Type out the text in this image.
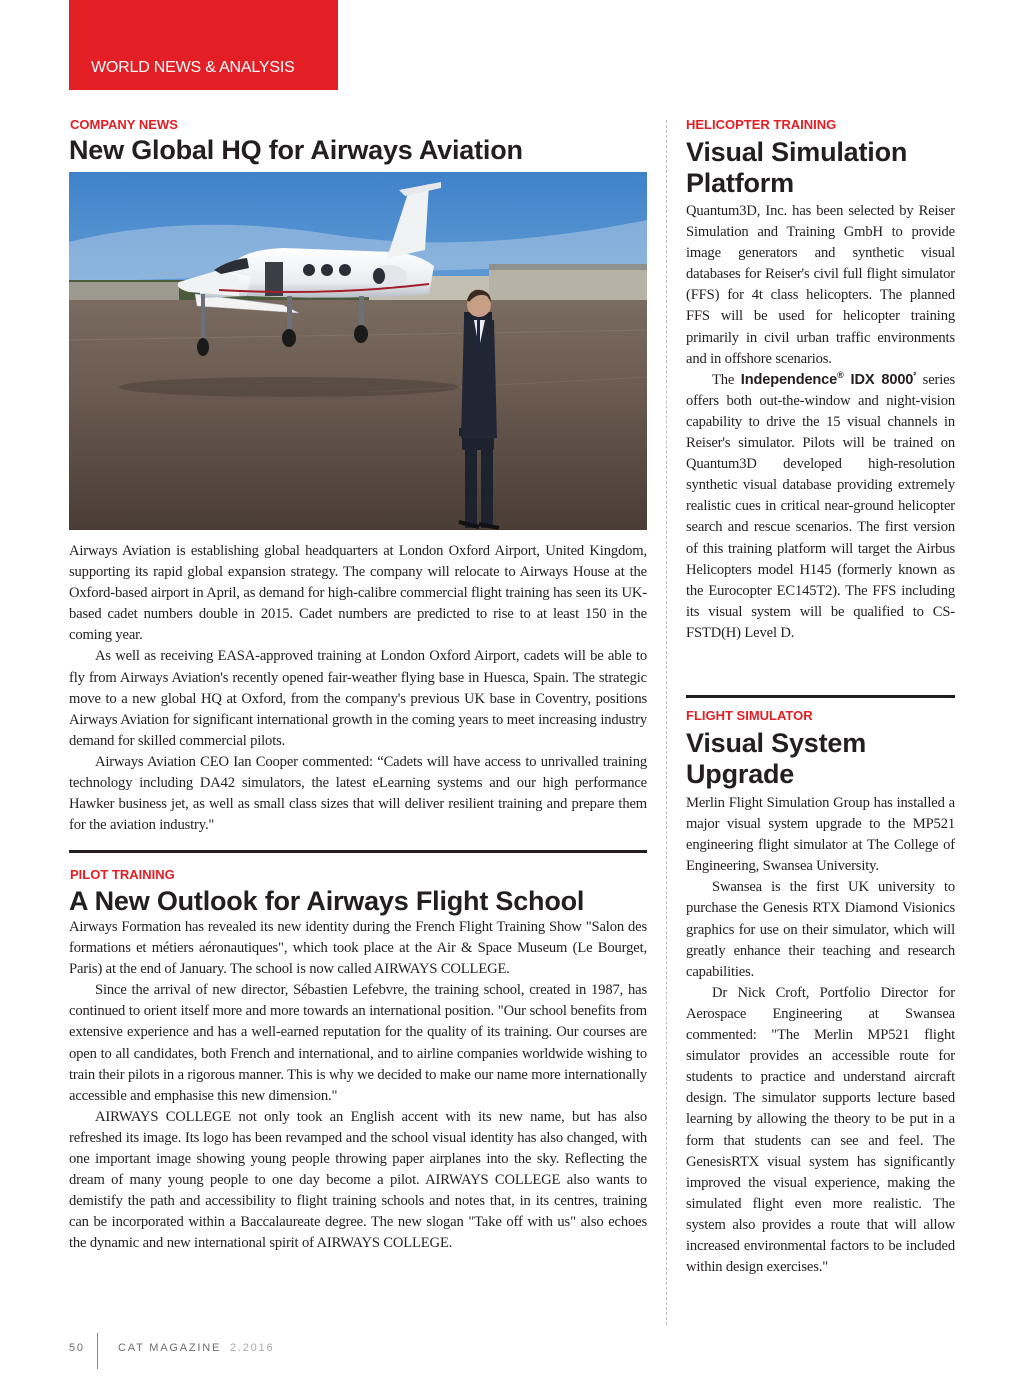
WORLD NEWS & ANALYSIS

COMPANY NEWS

New Global HQ for Airways Aviation

Airways Aviation is establishing global headquarters at London Oxford Airport, United Kingdom, supporting its rapid global expansion strategy. The company will relocate to Airways House at the Oxford-based airport in April, as demand for high-calibre commercial flight training has seen its UK-based cadet numbers double in 2015. Cadet numbers are predicted to rise to at least 150 in the coming year.

As well as receiving EASA-approved training at London Oxford Airport, cadets will be able to fly from Airways Aviation's recently opened fair-weather flying base in Huesca, Spain. The strategic move to a new global HQ at Oxford, from the company's previous UK base in Coventry, positions Airways Aviation for significant international growth in the coming years to meet increasing industry demand for skilled commercial pilots.

Airways Aviation CEO Ian Cooper commented: “Cadets will have access to unrivalled training technology including DA42 simulators, the latest eLearning systems and our high performance Hawker business jet, as well as small class sizes that will deliver resilient training and prepare them for the aviation industry."

PILOT TRAINING

A New Outlook for Airways Flight School

Airways Formation has revealed its new identity during the French Flight Training Show "Salon des formations et métiers aéronautiques", which took place at the Air & Space Museum (Le Bourget, Paris) at the end of January. The school is now called AIRWAYS COLLEGE.

Since the arrival of new director, Sébastien Lefebvre, the training school, created in 1987, has continued to orient itself more and more towards an international position. "Our school benefits from extensive experience and has a well-earned reputation for the quality of its training. Our courses are open to all candidates, both French and international, and to airline companies worldwide wishing to train their pilots in a rigorous manner. This is why we decided to make our name more internationally accessible and emphasise this new dimension."

AIRWAYS COLLEGE not only took an English accent with its new name, but has also refreshed its image. Its logo has been revamped and the school visual identity has also changed, with one important image showing young people throwing paper airplanes into the sky. Reflecting the dream of many young people to one day become a pilot. AIRWAYS COLLEGE also wants to demistify the path and accessibility to flight training schools and notes that, in its centres, training can be incorporated within a Baccalaureate degree. The new slogan "Take off with us" also echoes the dynamic and new international spirit of AIRWAYS COLLEGE.

HELICOPTER TRAINING

Visual Simulation
Platform

Quantum3D, Inc. has been selected by Reiser Simulation and Training GmbH to provide image generators and synthetic visual databases for Reiser's civil full flight simulator (FFS) for 4t class helicopters. The planned FFS will be used for helicopter training primarily in civil urban traffic environments and in offshore scenarios.

The Independence® IDX $8000^{^2}$ series offers both out-the-window and night-vision capability to drive the 15 visual channels in Reiser's simulator. Pilots will be trained on Quantum3D developed high-resolution synthetic visual database providing extremely realistic cues in critical near-ground helicopter search and rescue scenarios. The first version of this training platform will target the Airbus Helicopters model H145 (formerly known as the Eurocopter EC145T2). The FFS including its visual system will be qualified to CS-FSTD(H) Level D.

FLIGHT SIMULATOR

Visual System
Upgrade

Merlin Flight Simulation Group has installed a major visual system upgrade to the MP521 engineering flight simulator at The College of Engineering, Swansea University.

Swansea is the first UK university to purchase the Genesis RTX Diamond Visionics graphics for use on their simulator, which will greatly enhance their teaching and research capabilities.

Dr Nick Croft, Portfolio Director for Aerospace Engineering at Swansea commented: "The Merlin MP521 flight simulator provides an accessible route for students to practice and understand aircraft design. The simulator supports lecture based learning by allowing the theory to be put in a form that students can see and feel. The GenesisRTX visual system has significantly improved the visual experience, making the simulated flight even more realistic. The system also provides a route that will allow increased environmental factors to be included within design exercises."

50	CAT MAGAZINE 2.2016
